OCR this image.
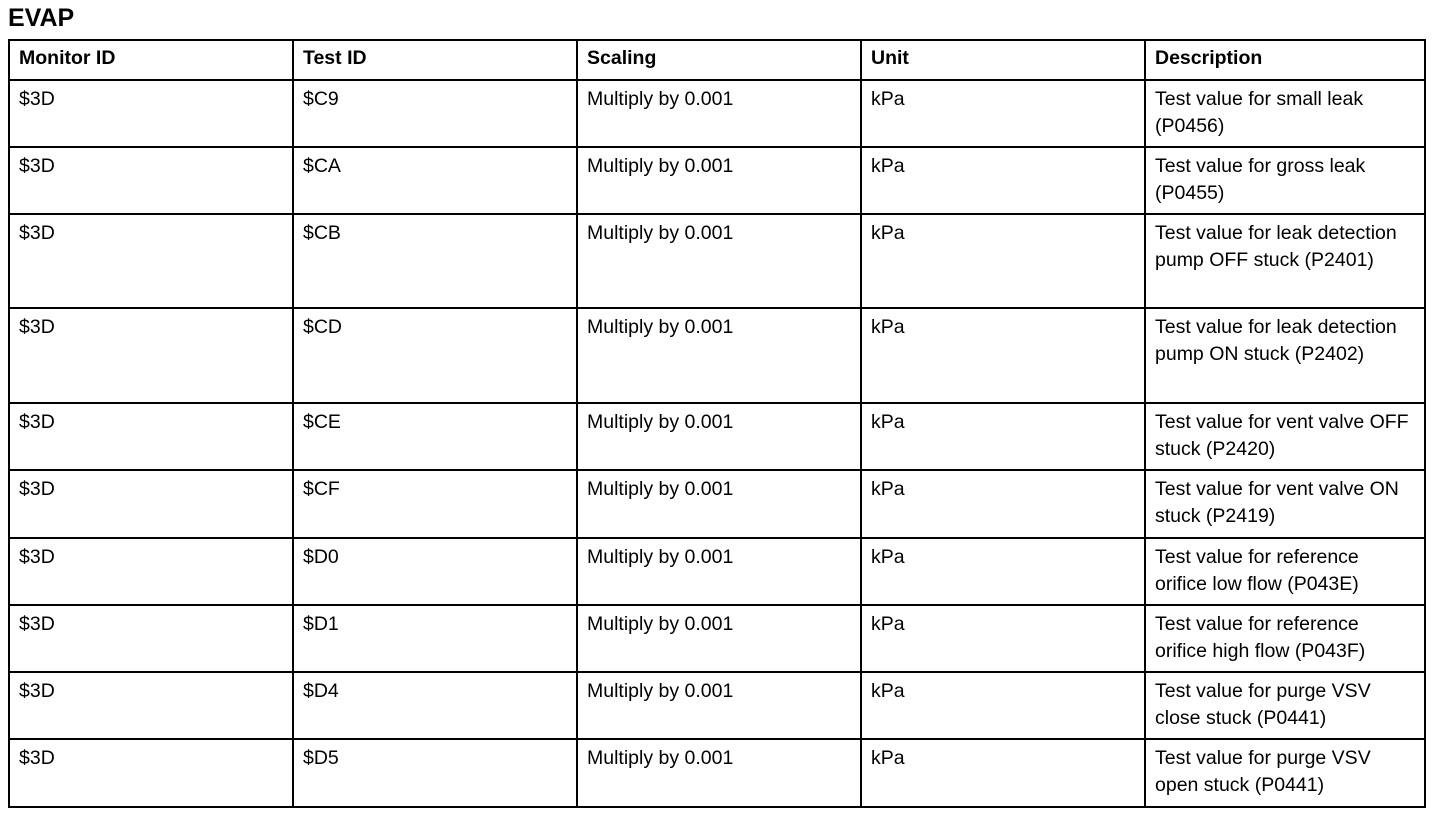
EVAP
Monitor ID	Test ID	Scaling	Unit	Description
$3D	$C9	Multiply by 0.001	kPa	Test value for small leak (P0456)
$3D	$CA	Multiply by 0.001	kPa	Test value for gross leak (P0455)
$3D	$CB	Multiply by 0.001	kPa	Test value for leak detection pump OFF stuck (P2401)
$3D	$CD	Multiply by 0.001	kPa	Test value for leak detection pump ON stuck (P2402)
$3D	$CE	Multiply by 0.001	kPa	Test value for vent valve OFF stuck (P2420)
$3D	$CF	Multiply by 0.001	kPa	Test value for vent valve ON stuck (P2419)
$3D	$D0	Multiply by 0.001	kPa	Test value for reference orifice low flow (P043E)
$3D	$D1	Multiply by 0.001	kPa	Test value for reference orifice high flow (P043F)
$3D	$D4	Multiply by 0.001	kPa	Test value for purge VSV close stuck (P0441)
$3D	$D5	Multiply by 0.001	kPa	Test value for purge VSV open stuck (P0441)
